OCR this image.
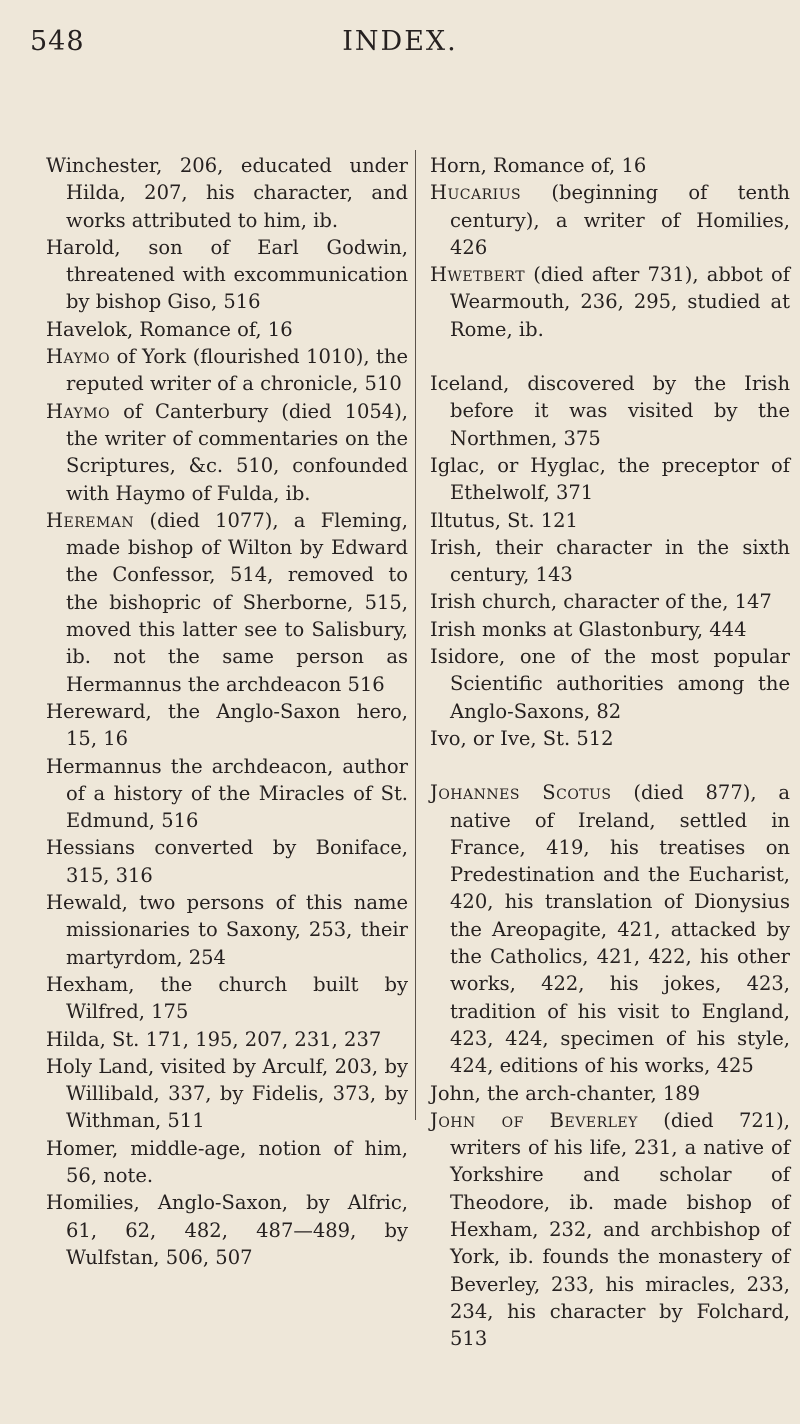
548	INDEX.
Winchester, 206, educated under Hilda, 207, his character, and works attributed to him, ib.
Harold, son of Earl Godwin, threatened with excommunication by bishop Giso, 516
Havelok, Romance of, 16
Haymo of York (flourished 1010), the reputed writer of a chronicle, 510
Haymo of Canterbury (died 1054), the writer of commentaries on the Scriptures, &c. 510, confounded with Haymo of Fulda, ib.
Hereman (died 1077), a Fleming, made bishop of Wilton by Edward the Confessor, 514, removed to the bishopric of Sherborne, 515, moved this latter see to Salisbury, ib. not the same person as Hermannus the archdeacon 516
Hereward, the Anglo-Saxon hero, 15, 16
Hermannus the archdeacon, author of a history of the Miracles of St. Edmund, 516
Hessians converted by Boniface, 315, 316
Hewald, two persons of this name missionaries to Saxony, 253, their martyrdom, 254
Hexham, the church built by Wilfred, 175
Hilda, St. 171, 195, 207, 231, 237
Holy Land, visited by Arculf, 203, by Willibald, 337, by Fidelis, 373, by Withman, 511
Homer, middle-age, notion of him, 56, note.
Homilies, Anglo-Saxon, by Alfric, 61, 62, 482, 487—489, by Wulfstan, 506, 507
Horn, Romance of, 16
Hucarius (beginning of tenth century), a writer of Homilies, 426
Hwetbert (died after 731), abbot of Wearmouth, 236, 295, studied at Rome, ib.
Iceland, discovered by the Irish before it was visited by the Northmen, 375
Iglac, or Hyglac, the preceptor of Ethelwolf, 371
Iltutus, St. 121
Irish, their character in the sixth century, 143
Irish church, character of the, 147
Irish monks at Glastonbury, 444
Isidore, one of the most popular Scientific authorities among the Anglo-Saxons, 82
Ivo, or Ive, St. 512
Johannes Scotus (died 877), a native of Ireland, settled in France, 419, his treatises on Predestination and the Eucharist, 420, his translation of Dionysius the Areopagite, 421, attacked by the Catholics, 421, 422, his other works, 422, his jokes, 423, tradition of his visit to England, 423, 424, specimen of his style, 424, editions of his works, 425
John, the arch-chanter, 189
John of Beverley (died 721), writers of his life, 231, a native of Yorkshire and scholar of Theodore, ib. made bishop of Hexham, 232, and archbishop of York, ib. founds the monastery of Beverley, 233, his miracles, 233, 234, his character by Folchard, 513
